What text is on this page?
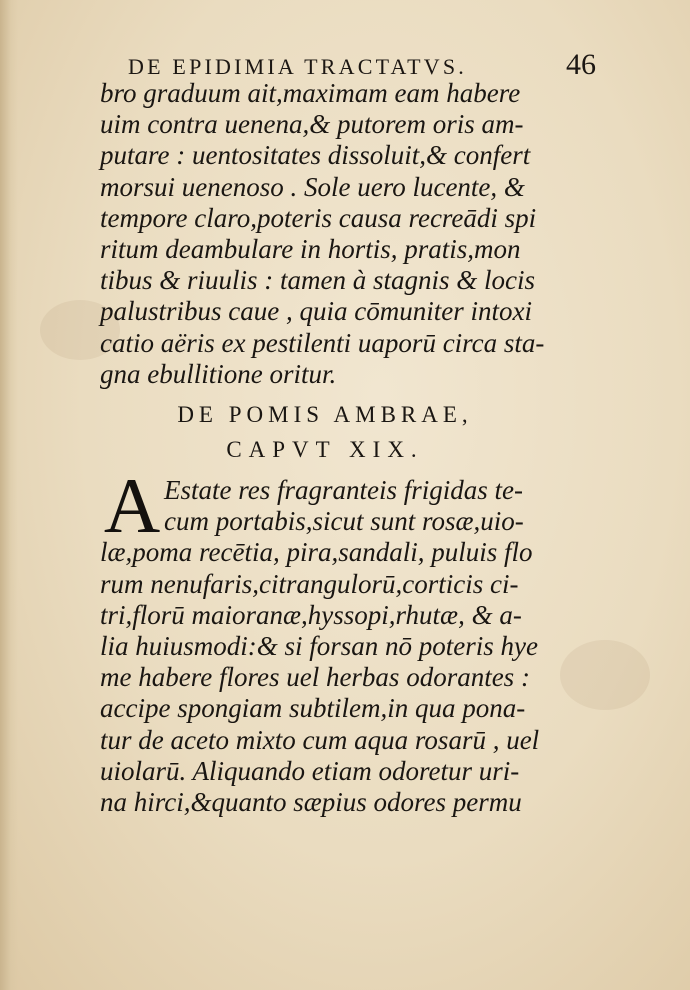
DE EPIDIMIA TRACTATVS.	46
bro graduum ait,maximam eam habere
uim contra uenena,& putorem oris am-
putare : uentositates dissoluit,& confert
morsui uenenoso . Sole uero lucente, &
tempore claro,poteris causa recreādi spi
ritum deambulare in hortis, pratis,mon
tibus & riuulis : tamen à stagnis & locis
palustribus caue , quia cōmuniter intoxi
catio aëris ex pestilenti uaporū circa sta-
gna ebullitione oritur.
DE POMIS AMBRAE,
CAPVT XIX.
A Estate res fragranteis frigidas te-
cum portabis,sicut sunt rosæ,uio-
læ,poma recētia, pira,sandali, puluis flo
rum nenufaris,citrangulorū,corticis ci-
tri,florū maioranæ,hyssopi,rhutæ, & a-
lia huiusmodi:& si forsan nō poteris hye
me habere flores uel herbas odorantes :
accipe spongiam subtilem,in qua pona-
tur de aceto mixto cum aqua rosarū , uel
uiolarū. Aliquando etiam odoretur uri-
na hirci,&quanto sæpius odores permu
